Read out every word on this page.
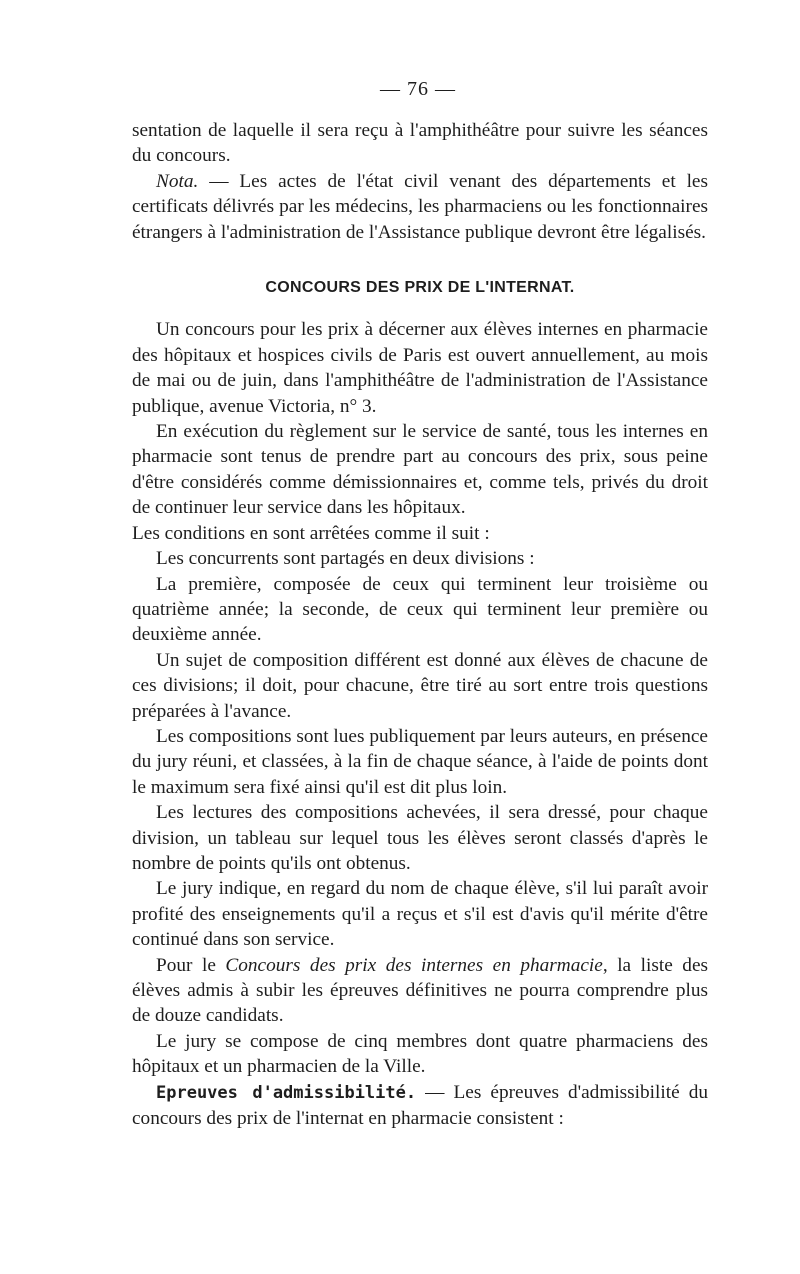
— 76 —

sentation de laquelle il sera reçu à l'amphithéâtre pour suivre les séances du concours.

Nota. — Les actes de l'état civil venant des départements et les certificats délivrés par les médecins, les pharmaciens ou les fonctionnaires étrangers à l'administration de l'Assistance publique devront être légalisés.

CONCOURS DES PRIX DE L'INTERNAT.

Un concours pour les prix à décerner aux élèves internes en pharmacie des hôpitaux et hospices civils de Paris est ouvert annuellement, au mois de mai ou de juin, dans l'amphithéâtre de l'administration de l'Assistance publique, avenue Victoria, n° 3.

En exécution du règlement sur le service de santé, tous les internes en pharmacie sont tenus de prendre part au concours des prix, sous peine d'être considérés comme démissionnaires et, comme tels, privés du droit de continuer leur service dans les hôpitaux.

Les conditions en sont arrêtées comme il suit :

Les concurrents sont partagés en deux divisions :

La première, composée de ceux qui terminent leur troisième ou quatrième année; la seconde, de ceux qui terminent leur première ou deuxième année.

Un sujet de composition différent est donné aux élèves de chacune de ces divisions; il doit, pour chacune, être tiré au sort entre trois questions préparées à l'avance.

Les compositions sont lues publiquement par leurs auteurs, en présence du jury réuni, et classées, à la fin de chaque séance, à l'aide de points dont le maximum sera fixé ainsi qu'il est dit plus loin.

Les lectures des compositions achevées, il sera dressé, pour chaque division, un tableau sur lequel tous les élèves seront classés d'après le nombre de points qu'ils ont obtenus.

Le jury indique, en regard du nom de chaque élève, s'il lui paraît avoir profité des enseignements qu'il a reçus et s'il est d'avis qu'il mérite d'être continué dans son service.

Pour le Concours des prix des internes en pharmacie, la liste des élèves admis à subir les épreuves définitives ne pourra comprendre plus de douze candidats.

Le jury se compose de cinq membres dont quatre pharmaciens des hôpitaux et un pharmacien de la Ville.

Epreuves d'admissibilité. — Les épreuves d'admissibilité du concours des prix de l'internat en pharmacie consistent :
